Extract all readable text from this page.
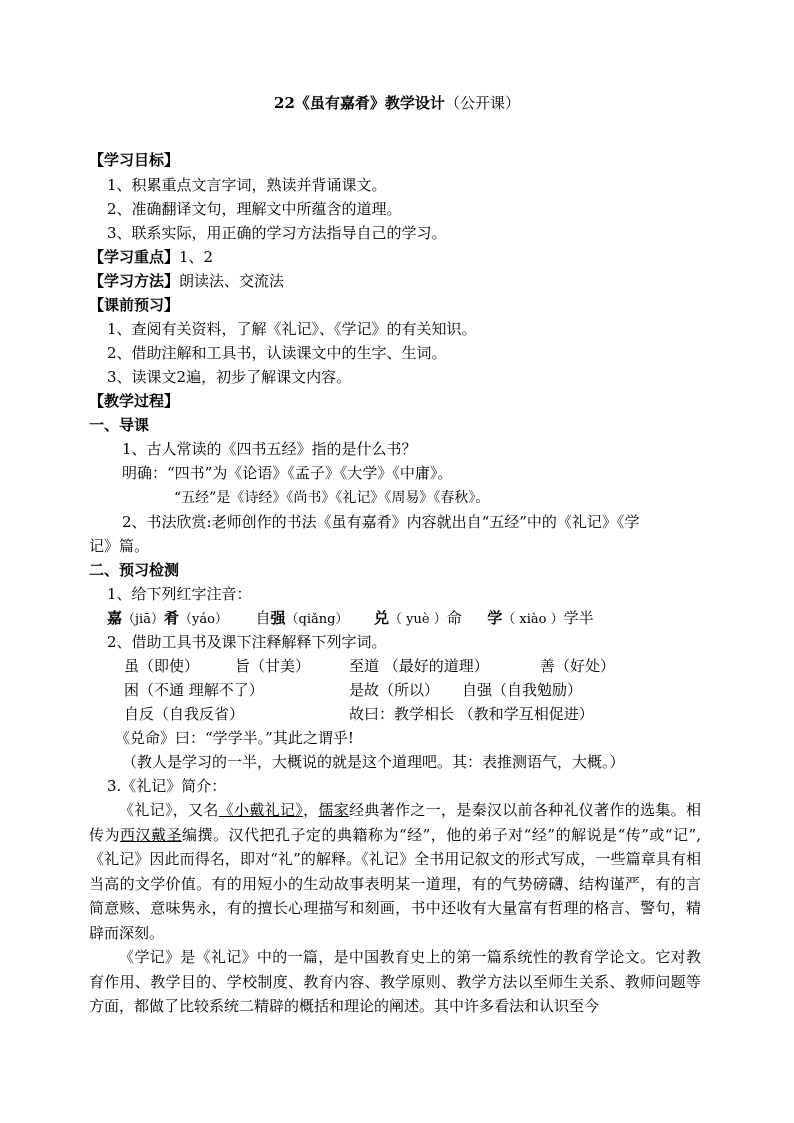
22《虽有嘉肴》教学设计（公开课）
【学习目标】
1、积累重点文言字词，熟读并背诵课文。
2、准确翻译文句，理解文中所蕴含的道理。
3、联系实际，用正确的学习方法指导自己的学习。
【学习重点】1、2
【学习方法】朗读法、交流法
【课前预习】
1、查阅有关资料，了解《礼记》、《学记》的有关知识。
2、借助注解和工具书，认读课文中的生字、生词。
3、读课文2遍，初步了解课文内容。
【教学过程】
一、导课
1、古人常读的《四书五经》指的是什么书？
明确：“四书”为《论语》《孟子》《大学》《中庸》。
“五经”是《诗经》《尚书》《礼记》《周易》《春秋》。
2、书法欣赏:老师创作的书法《虽有嘉肴》内容就出自“五经”中的《礼记》《学
记》篇。
二、预习检测
1、给下列红字注音：
嘉（jiā）肴（yáo） 自强（qiǎng） 兑（ yuè ）命 学（ xiào ）学半
2、借助工具书及课下注释解释下列字词。
虽（即使） 旨（甘美）	至道 （最好的道理）	善（好处）
困（不通 理解不了）	是故（所以） 自强（自我勉励）
自反（自我反省）	故曰：教学相长 （教和学互相促进）
《兑命》曰：“学学半。”其此之谓乎!
（教人是学习的一半，大概说的就是这个道理吧。其：表推测语气，大概。）
3.《礼记》简介：
《礼记》，又名《小戴礼记》，儒家经典著作之一，是秦汉以前各种礼仪著作的选集。相传为西汉戴圣编撰。汉代把孔子定的典籍称为“经”，他的弟子对“经”的解说是“传”或“记”,《礼记》因此而得名，即对“礼”的解释。《礼记》全书用记叙文的形式写成，一些篇章具有相当高的文学价值。有的用短小的生动故事表明某一道理，有的气势磅礴、结构谨严，有的言简意赅、意味隽永，有的擅长心理描写和刻画，书中还收有大量富有哲理的格言、警句，精辟而深刻。
《学记》是《礼记》中的一篇，是中国教育史上的第一篇系统性的教育学论文。它对教育作用、教学目的、学校制度、教育内容、教学原则、教学方法以至师生关系、教师问题等方面，都做了比较系统二精辟的概括和理论的阐述。其中许多看法和认识至今
